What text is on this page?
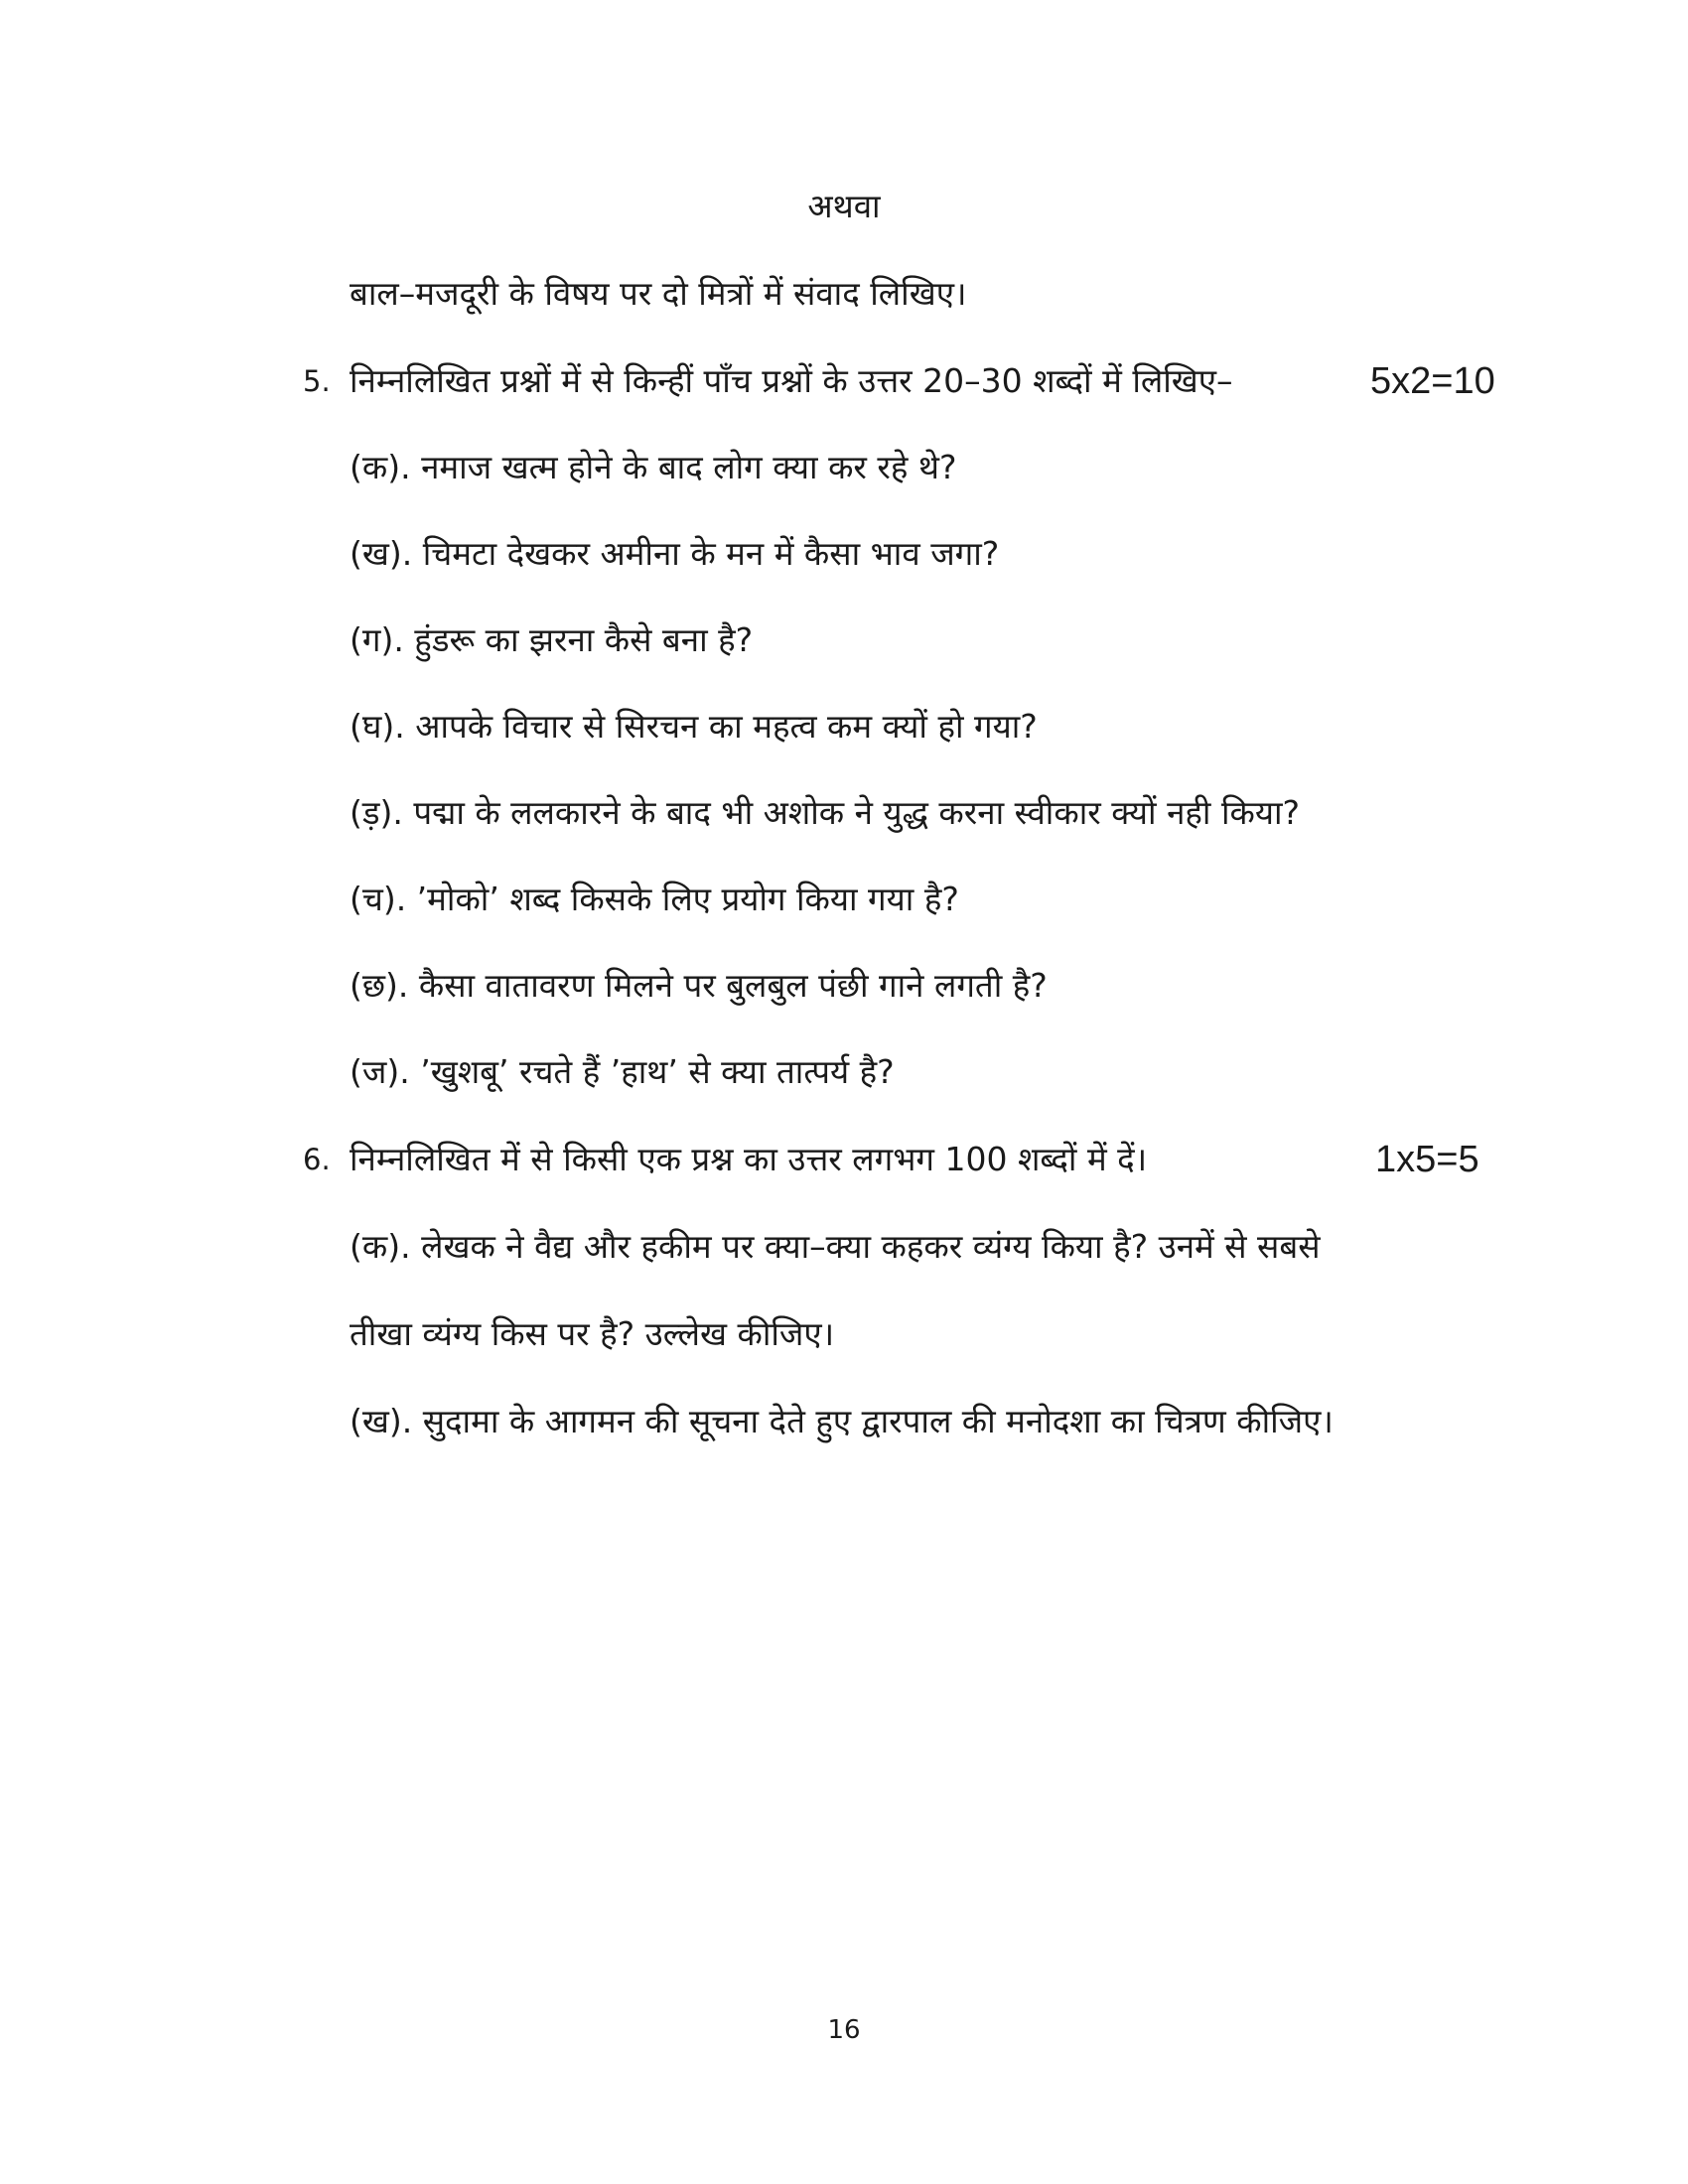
अथवा
बाल–मजदूरी के विषय पर दो मित्रों में संवाद लिखिए।
5. निम्नलिखित प्रश्नों में से किन्हीं पाँच प्रश्नों के उत्तर 20–30 शब्दों में लिखिए–	5x2=10
(क). नमाज खत्म होने के बाद लोग क्या कर रहे थे?
(ख). चिमटा देखकर अमीना के मन में कैसा भाव जगा?
(ग). हुंडरू का झरना कैसे बना है?
(घ). आपके विचार से सिरचन का महत्व कम क्यों हो गया?
(ड़). पद्मा के ललकारने के बाद भी अशोक ने युद्ध करना स्वीकार क्यों नही किया?
(च). ’मोको’ शब्द किसके लिए प्रयोग किया गया है?
(छ). कैसा वातावरण मिलने पर बुलबुल पंछी गाने लगती है?
(ज). ’खुशबू’ रचते हैं ’हाथ’ से क्या तात्पर्य है?
6. निम्नलिखित में से किसी एक प्रश्न का उत्तर लगभग 100 शब्दों में दें।	1x5=5
(क). लेखक ने वैद्य और हकीम पर क्या–क्या कहकर व्यंग्य किया है? उनमें से सबसे
तीखा व्यंग्य किस पर है? उल्लेख कीजिए।
(ख). सुदामा के आगमन की सूचना देते हुए द्वारपाल की मनोदशा का चित्रण कीजिए।
16
